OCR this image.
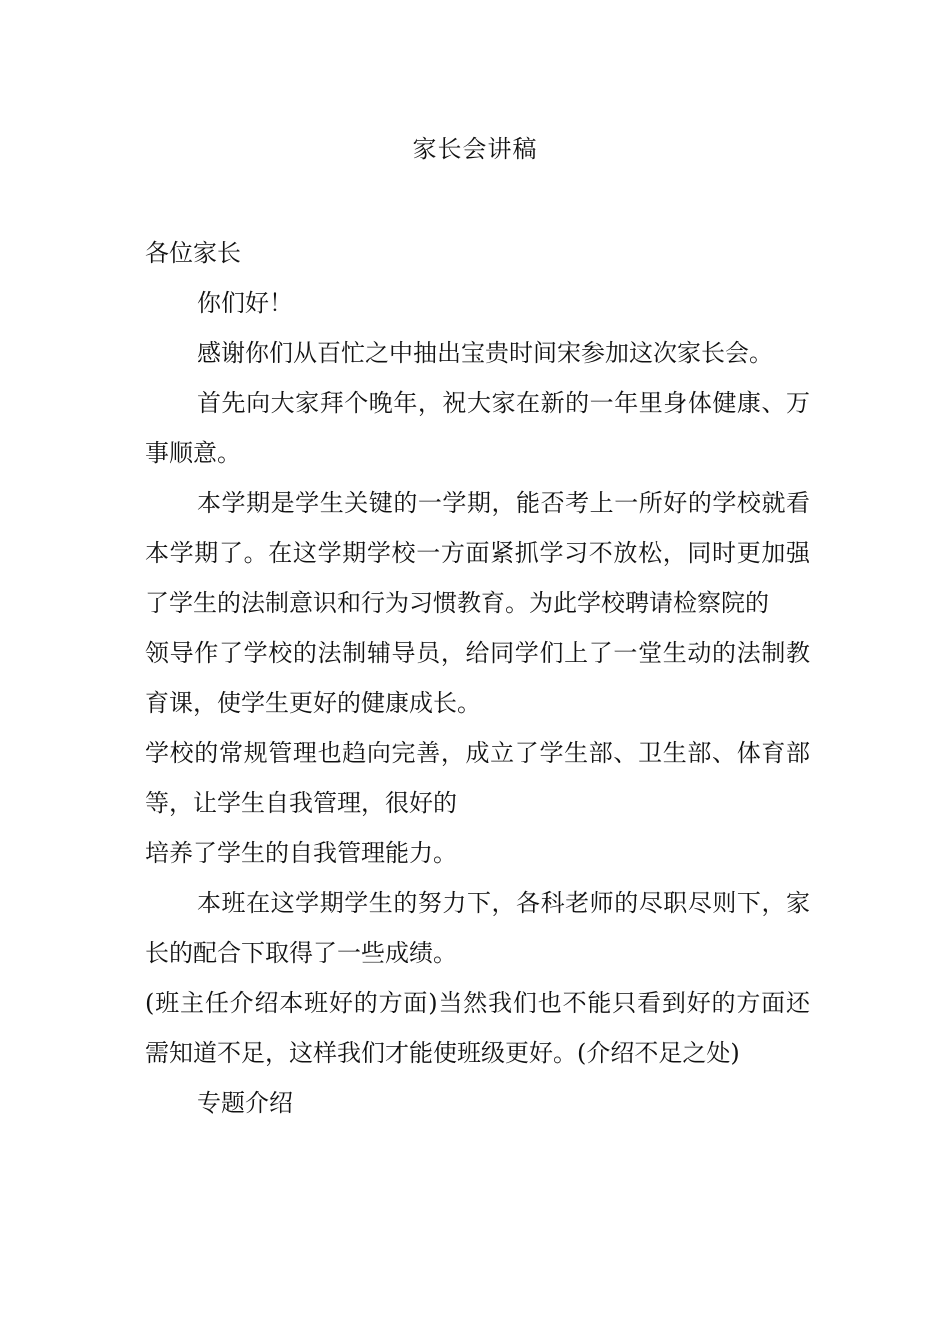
家长会讲稿

各位家长

你们好！

感谢你们从百忙之中抽出宝贵时间宋参加这次家长会。

首先向大家拜个晚年，祝大家在新的一年里身体健康、万事顺意。

本学期是学生关键的一学期，能否考上一所好的学校就看本学期了。在这学期学校一方面紧抓学习不放松，同时更加强了学生的法制意识和行为习惯教育。为此学校聘请检察院的

领导作了学校的法制辅导员，给同学们上了一堂生动的法制教育课，使学生更好的健康成长。

学校的常规管理也趋向完善，成立了学生部、卫生部、体育部等，让学生自我管理，很好的

培养了学生的自我管理能力。

本班在这学期学生的努力下，各科老师的尽职尽则下，家长的配合下取得了一些成绩。

(班主任介绍本班好的方面)当然我们也不能只看到好的方面还需知道不足，这样我们才能使班级更好。(介绍不足之处)

专题介绍
